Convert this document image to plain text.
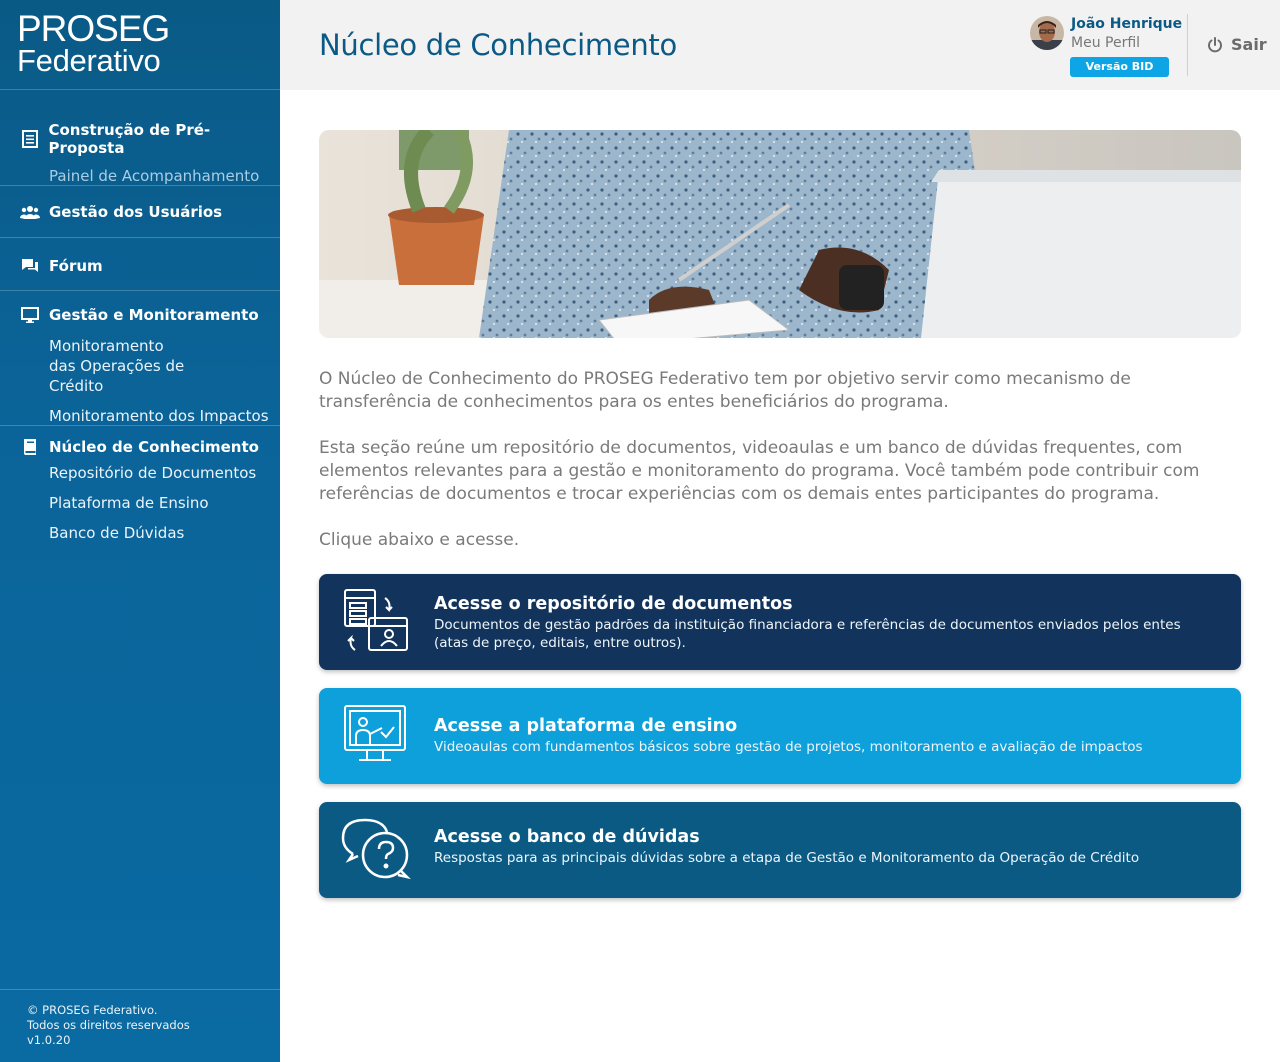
PROSEG
Federativo
Construção de Pré-Proposta
Painel de Acompanhamento
Gestão dos Usuários
Fórum
Gestão e Monitoramento
Monitoramento das Operações de Crédito
Monitoramento dos Impactos
Núcleo de Conhecimento
Repositório de Documentos
Plataforma de Ensino
Banco de Dúvidas
© PROSEG Federativo.
Todos os direitos reservados
v1.0.20
Núcleo de Conhecimento
João Henrique
Meu Perfil
Versão BID
Sair

O Núcleo de Conhecimento do PROSEG Federativo tem por objetivo servir como mecanismo de transferência de conhecimentos para os entes beneficiários do programa.

Esta seção reúne um repositório de documentos, videoaulas e um banco de dúvidas frequentes, com elementos relevantes para a gestão e monitoramento do programa. Você também pode contribuir com referências de documentos e trocar experiências com os demais entes participantes do programa.

Clique abaixo e acesse.

Acesse o repositório de documentos
Documentos de gestão padrões da instituição financiadora e referências de documentos enviados pelos entes (atas de preço, editais, entre outros).
Acesse a plataforma de ensino
Videoaulas com fundamentos básicos sobre gestão de projetos, monitoramento e avaliação de impactos
Acesse o banco de dúvidas
Respostas para as principais dúvidas sobre a etapa de Gestão e Monitoramento da Operação de Crédito
